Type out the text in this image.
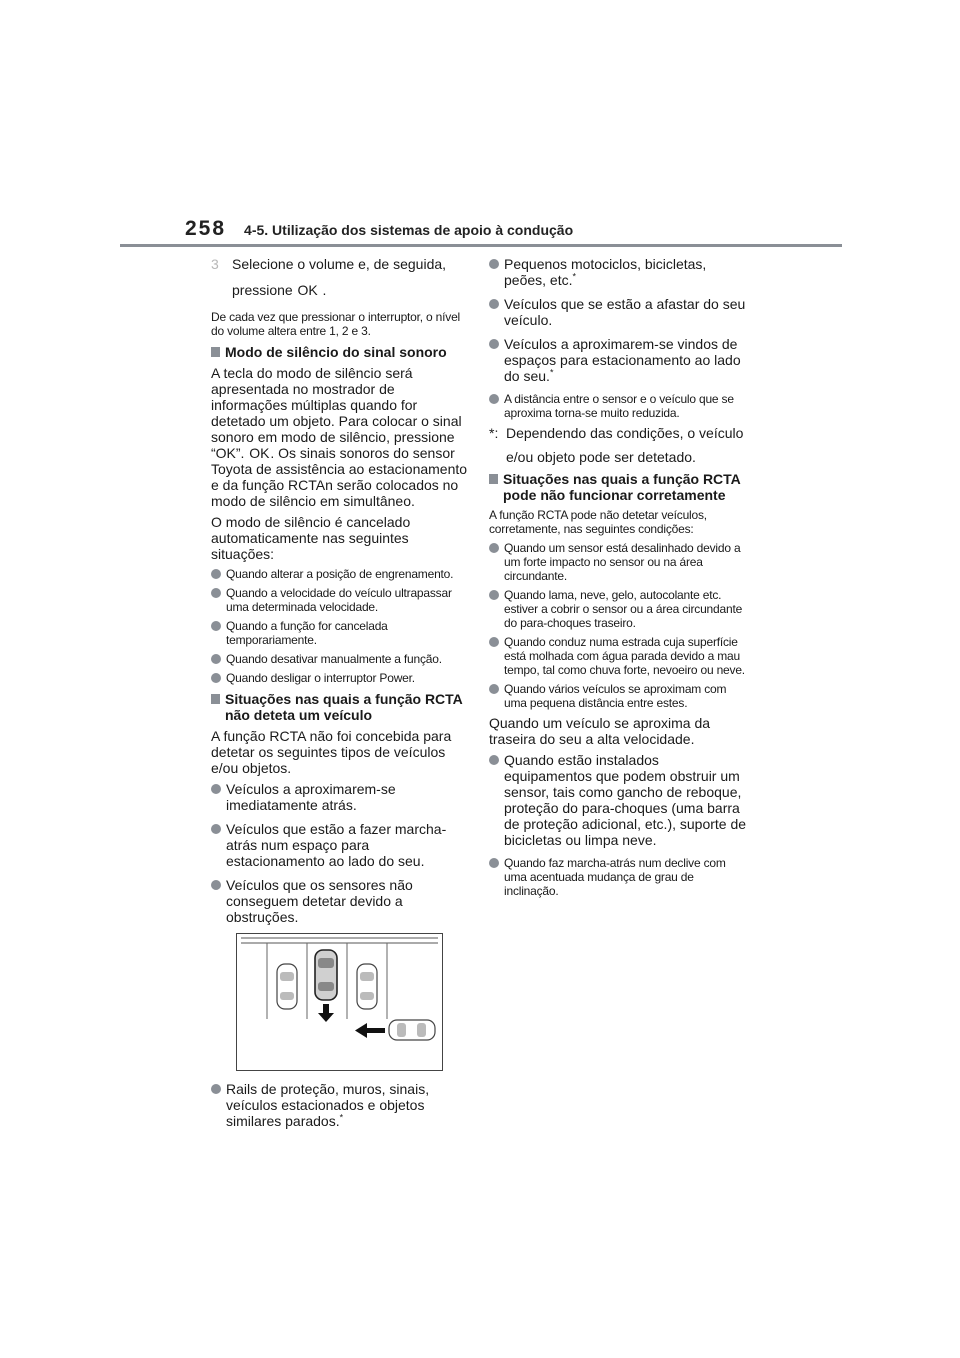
258 4-5. Utilização dos sistemas de apoio à condução
3 Selecione o volume e, de seguida,
pressione OK .

De cada vez que pressionar o interruptor, o nível do volume altera entre 1, 2 e 3.

Modo de silêncio do sinal sonoro

A tecla do modo de silêncio será apresentada no mostrador de informações múltiplas quando for detetado um objeto. Para colocar o sinal sonoro em modo de silêncio, pressione “OK”. OK. Os sinais sonoros do sensor Toyota de assistência ao estacionamento e da função RCTAn serão colocados no modo de silêncio em simultâneo.

O modo de silêncio é cancelado automaticamente nas seguintes situações:

Quando alterar a posição de engrenamento.
Quando a velocidade do veículo ultrapassar uma determinada velocidade.
Quando a função for cancelada temporariamente.
Quando desativar manualmente a função.
Quando desligar o interruptor Power.
Situações nas quais a função RCTA não deteta um veículo

A função RCTA não foi concebida para detetar os seguintes tipos de veículos e/ou objetos.

Veículos a aproximarem-se imediatamente atrás.
Veículos que estão a fazer marcha-atrás num espaço para estacionamento ao lado do seu.
Veículos que os sensores não conseguem detetar devido a obstruções.
Rails de proteção, muros, sinais, veículos estacionados e objetos similares parados.*
Pequenos motociclos, bicicletas, peões, etc.*
Veículos que se estão a afastar do seu veículo.
Veículos a aproximarem-se vindos de espaços para estacionamento ao lado do seu.*
A distância entre o sensor e o veículo que se aproxima torna-se muito reduzida.
*: Dependendo das condições, o veículo
e/ou objeto pode ser detetado.
Situações nas quais a função RCTA pode não funcionar corretamente

A função RCTA pode não detetar veículos, corretamente, nas seguintes condições:

Quando um sensor está desalinhado devido a um forte impacto no sensor ou na área circundante.
Quando lama, neve, gelo, autocolante etc. estiver a cobrir o sensor ou a área circundante do para-choques traseiro.
Quando conduz numa estrada cuja superfície está molhada com água parada devido a mau tempo, tal como chuva forte, nevoeiro ou neve.
Quando vários veículos se aproximam com uma pequena distância entre estes.

Quando um veículo se aproxima da traseira do seu a alta velocidade.

Quando estão instalados equipamentos que podem obstruir um sensor, tais como gancho de reboque, proteção do para-choques (uma barra de proteção adicional, etc.), suporte de bicicletas ou limpa neve.
Quando faz marcha-atrás num declive com uma acentuada mudança de grau de inclinação.
